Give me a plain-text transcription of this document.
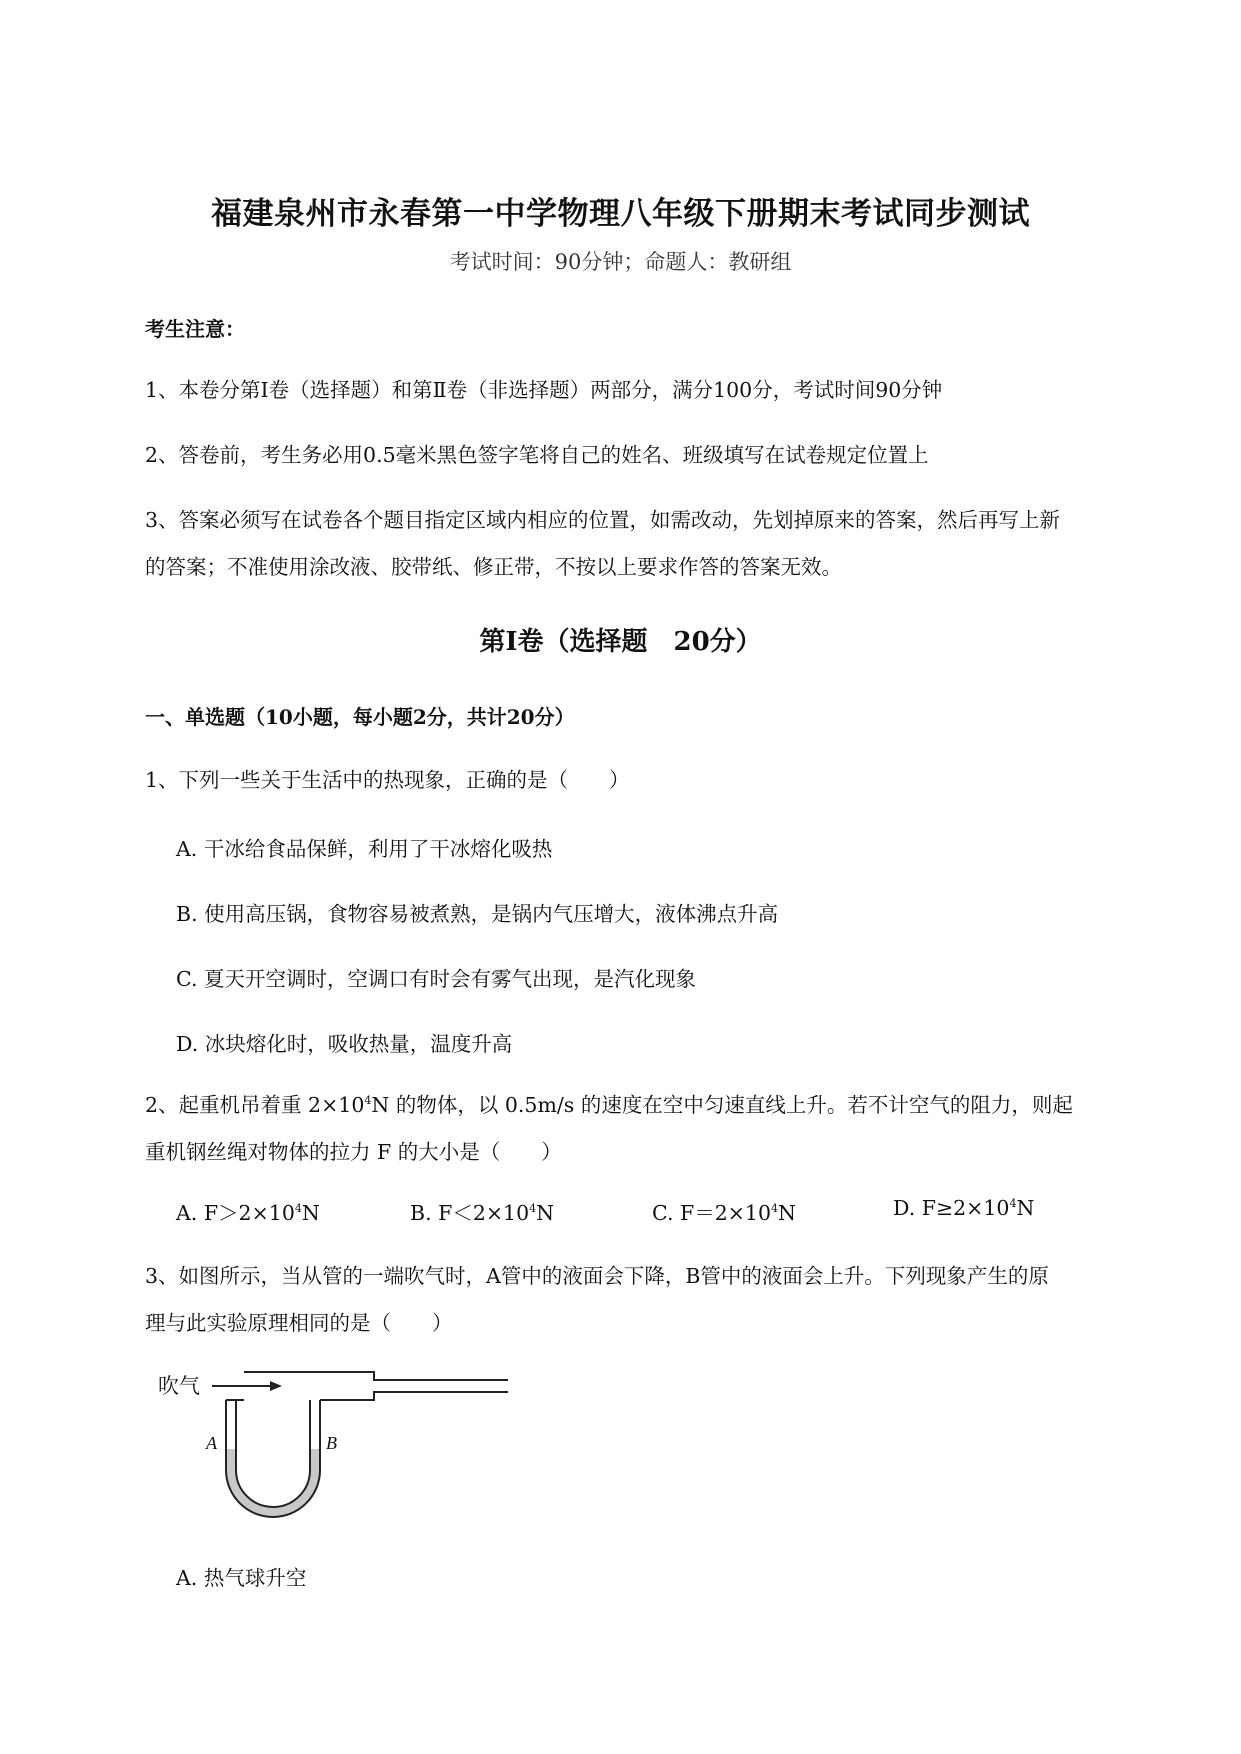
福建泉州市永春第一中学物理八年级下册期末考试同步测试
考试时间：90分钟；命题人：教研组
考生注意：
1、本卷分第Ⅰ卷（选择题）和第Ⅱ卷（非选择题）两部分，满分100分，考试时间90分钟
2、答卷前，考生务必用0.5毫米黑色签字笔将自己的姓名、班级填写在试卷规定位置上
3、答案必须写在试卷各个题目指定区域内相应的位置，如需改动，先划掉原来的答案，然后再写上新
的答案；不准使用涂改液、胶带纸、修正带，不按以上要求作答的答案无效。
第Ⅰ卷（选择题　20分）
一、单选题（10小题，每小题2分，共计20分）
1、下列一些关于生活中的热现象，正确的是（　　）
A. 干冰给食品保鲜，利用了干冰熔化吸热
B. 使用高压锅，食物容易被煮熟，是锅内气压增大，液体沸点升高
C. 夏天开空调时，空调口有时会有雾气出现，是汽化现象
D. 冰块熔化时，吸收热量，温度升高
2、起重机吊着重 $2\times 10^4N$ 的物体，以 0.5m/s 的速度在空中匀速直线上升。若不计空气的阻力，则起
重机钢丝绳对物体的拉力 F 的大小是（　　）
A. $F>2\times 10^4N$	B. $F<2\times 10^4N$	C. $F=2\times 10^4N$	D. $F\ge 2\times 10^4N$
3、如图所示，当从管的一端吹气时，A管中的液面会下降，B管中的液面会上升。下列现象产生的原
理与此实验原理相同的是（　　）
吹气
A	B
A. 热气球升空
